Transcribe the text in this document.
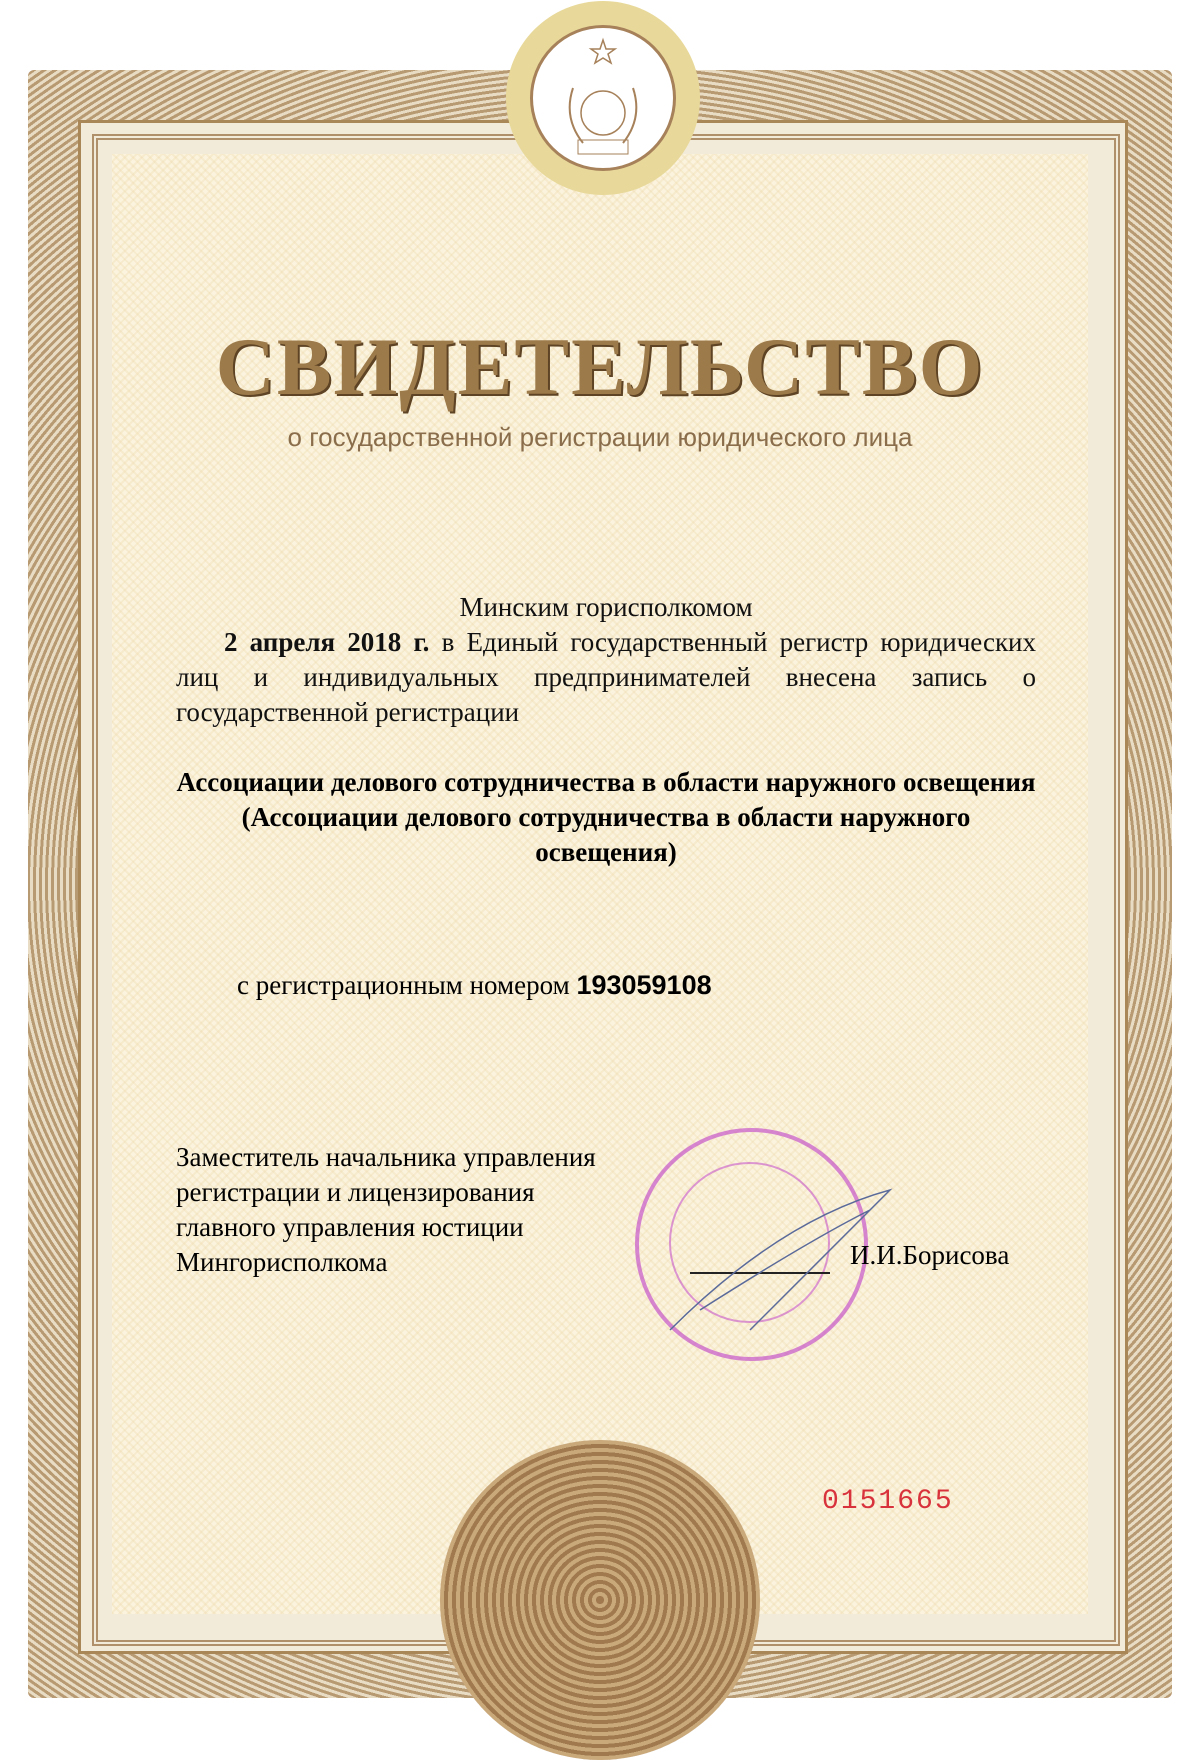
СВИДЕТЕЛЬСТВО
о государственной регистрации юридического лица
Минским горисполкомом
2 апреля 2018 г. в Единый государственный регистр юридических лиц и индивидуальных предпринимателей внесена запись о государственной регистрации
Ассоциации делового сотрудничества в области наружного освещения
(Ассоциации делового сотрудничества в области наружного освещения)
с регистрационным номером 193059108
Заместитель начальника управления
регистрации и лицензирования
главного управления юстиции
Мингорисполкома	И.И.Борисова
0151665
